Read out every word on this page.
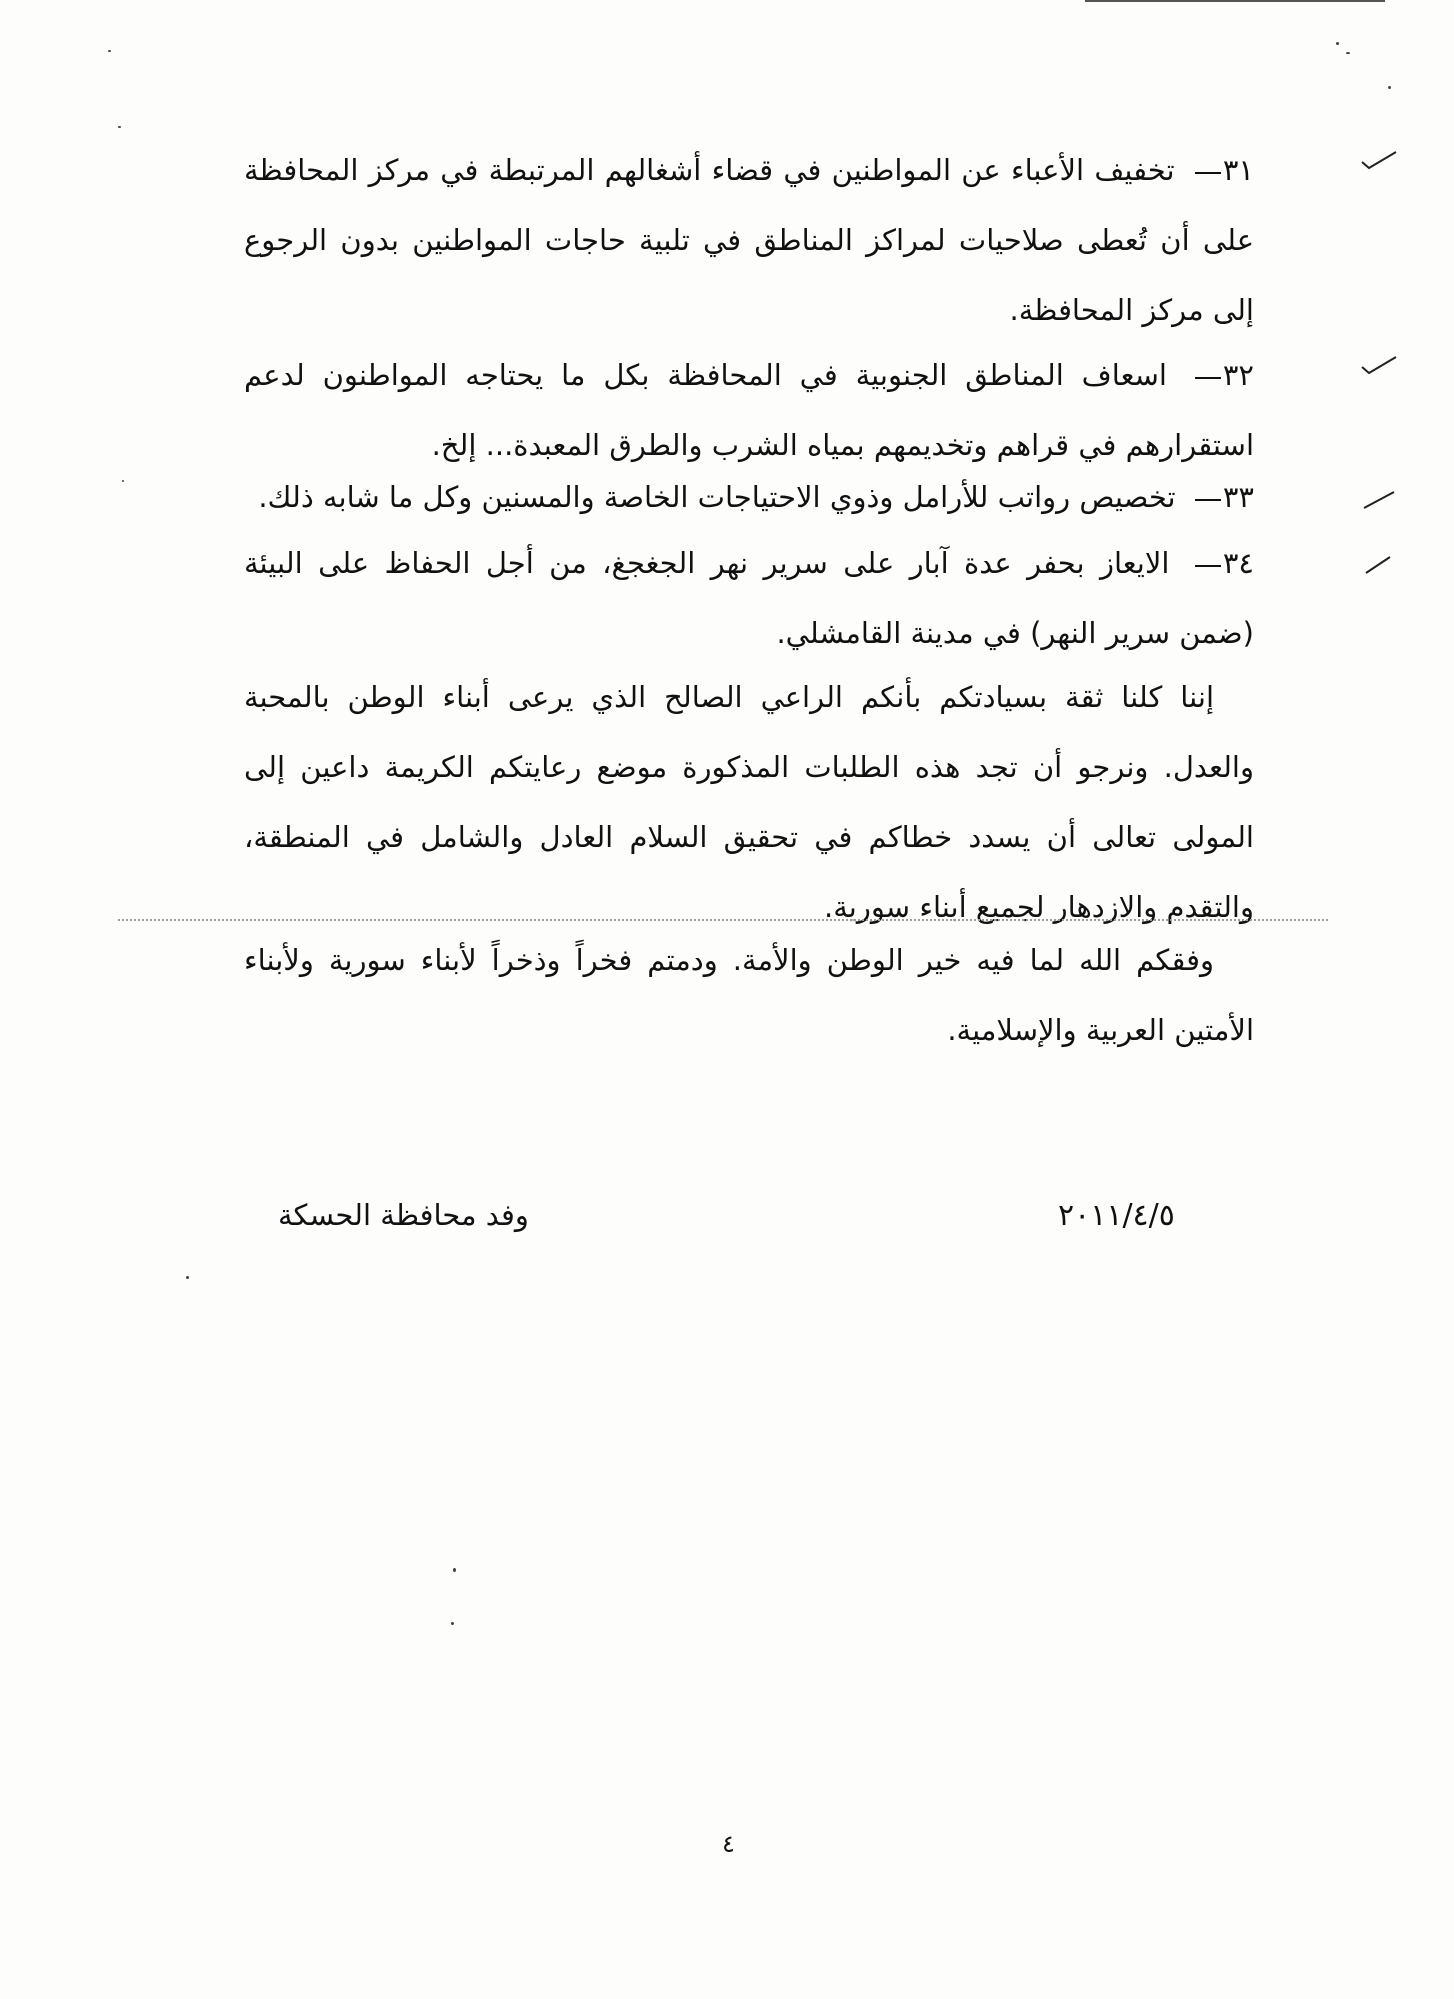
٣١ تخفيف الأعباء عن المواطنين في قضاء أشغالهم المرتبطة في مركز المحافظة على أن تُعطى صلاحيات لمراكز المناطق في تلبية حاجات المواطنين بدون الرجوع إلى مركز المحافظة.
٣٢ اسعاف المناطق الجنوبية في المحافظة بكل ما يحتاجه المواطنون لدعم استقرارهم في قراهم وتخديمهم بمياه الشرب والطرق المعبدة... إلخ.
٣٣ تخصيص رواتب للأرامل وذوي الاحتياجات الخاصة والمسنين وكل ما شابه ذلك.
٣٤ الايعاز بحفر عدة آبار على سرير نهر الجغجغ، من أجل الحفاظ على البيئة (ضمن سرير النهر) في مدينة القامشلي.
إننا كلنا ثقة بسيادتكم بأنكم الراعي الصالح الذي يرعى أبناء الوطن بالمحبة والعدل. ونرجو أن تجد هذه الطلبات المذكورة موضع رعايتكم الكريمة داعين إلى المولى تعالى أن يسدد خطاكم في تحقيق السلام العادل والشامل في المنطقة، والتقدم والازدهار لجميع أبناء سورية.
وفقكم الله لما فيه خير الوطن والأمة. ودمتم فخراً وذخراً لأبناء سورية ولأبناء الأمتين العربية والإسلامية.
٢٠١١/٤/٥
وفد محافظة الحسكة
٤
